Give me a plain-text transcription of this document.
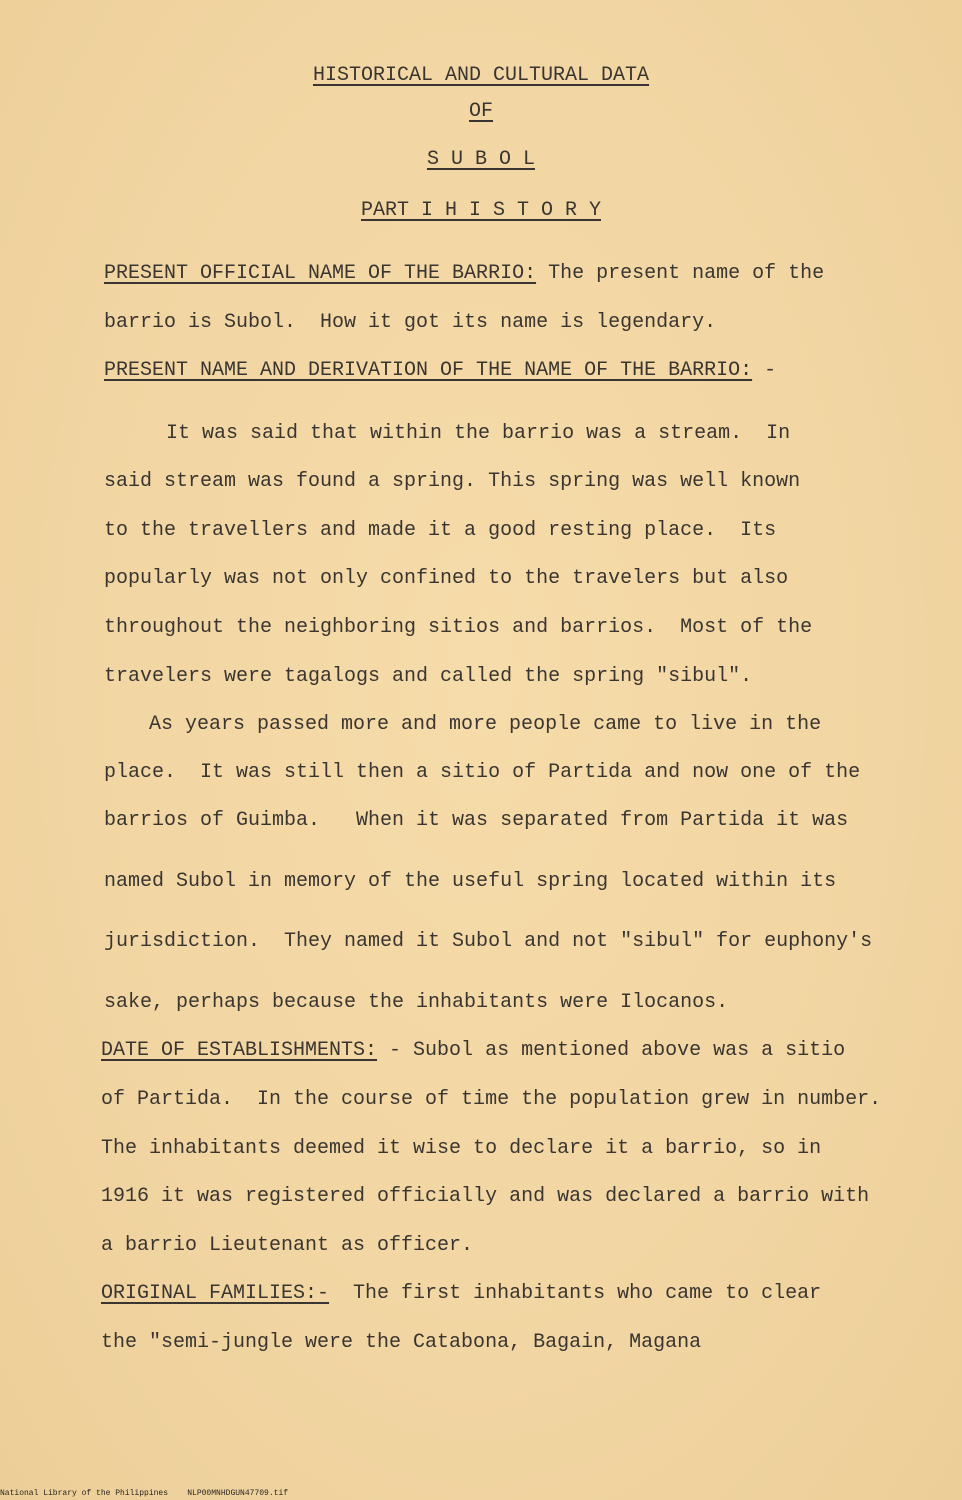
HISTORICAL AND CULTURAL DATA
OF
S U B O L
PART I H I S T O R Y
PRESENT OFFICIAL NAME OF THE BARRIO: The present name of the
barrio is Subol.  How it got its name is legendary.
PRESENT NAME AND DERIVATION OF THE NAME OF THE BARRIO: -
It was said that within the barrio was a stream.  In
said stream was found a spring. This spring was well known
to the travellers and made it a good resting place.  Its
popularly was not only confined to the travelers but also
throughout the neighboring sitios and barrios.  Most of the
travelers were tagalogs and called the spring "sibul".
As years passed more and more people came to live in the
place.  It was still then a sitio of Partida and now one of the
barrios of Guimba.   When it was separated from Partida it was
named Subol in memory of the useful spring located within its
jurisdiction.  They named it Subol and not "sibul" for euphony's
sake, perhaps because the inhabitants were Ilocanos.
DATE OF ESTABLISHMENTS: - Subol as mentioned above was a sitio
of Partida.  In the course of time the population grew in number.
The inhabitants deemed it wise to declare it a barrio, so in
1916 it was registered officially and was declared a barrio with
a barrio Lieutenant as officer.
ORIGINAL FAMILIES:-  The first inhabitants who came to clear
the "semi-jungle were the Catabona, Bagain, Magana
National Library of the Philippines    NLP00MNHDGUN47709.tif
